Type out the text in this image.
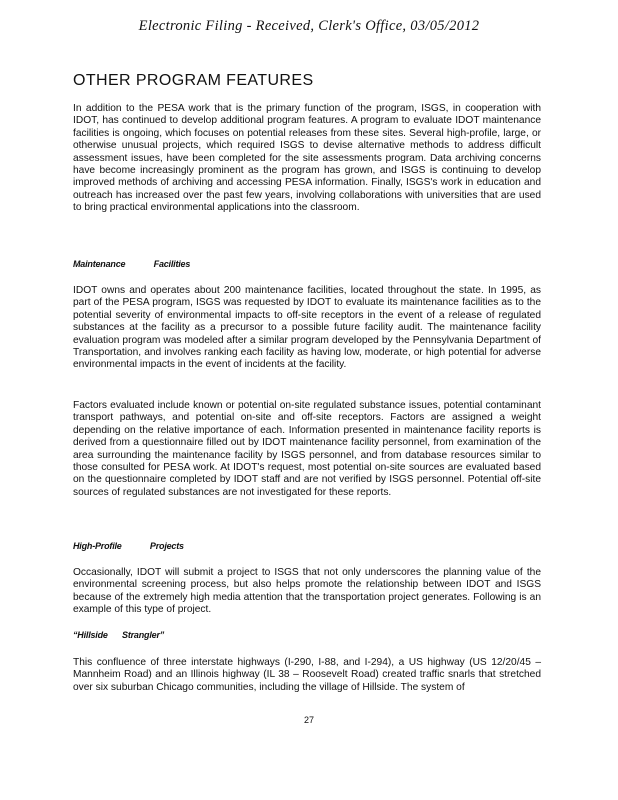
Electronic Filing - Received, Clerk's Office, 03/05/2012
OTHER PROGRAM FEATURES

In addition to the PESA work that is the primary function of the program, ISGS, in cooperation with IDOT, has continued to develop additional program features. A program to evaluate IDOT maintenance facilities is ongoing, which focuses on potential releases from these sites. Several high-profile, large, or otherwise unusual projects, which required ISGS to devise alternative methods to address difficult assessment issues, have been completed for the site assessments program. Data archiving concerns have become increasingly prominent as the program has grown, and ISGS is continuing to develop improved methods of archiving and accessing PESA information. Finally, ISGS's work in education and outreach has increased over the past few years, involving collaborations with universities that are used to bring practical environmental applications into the classroom.

Maintenance	Facilities

IDOT owns and operates about 200 maintenance facilities, located throughout the state. In 1995, as part of the PESA program, ISGS was requested by IDOT to evaluate its maintenance facilities as to the potential severity of environmental impacts to off-site receptors in the event of a release of regulated substances at the facility as a precursor to a possible future facility audit. The maintenance facility evaluation program was modeled after a similar program developed by the Pennsylvania Department of Transportation, and involves ranking each facility as having low, moderate, or high potential for adverse environmental impacts in the event of incidents at the facility.

Factors evaluated include known or potential on-site regulated substance issues, potential contaminant transport pathways, and potential on-site and off-site receptors. Factors are assigned a weight depending on the relative importance of each. Information presented in maintenance facility reports is derived from a questionnaire filled out by IDOT maintenance facility personnel, from examination of the area surrounding the maintenance facility by ISGS personnel, and from database resources similar to those consulted for PESA work. At IDOT's request, most potential on-site sources are evaluated based on the questionnaire completed by IDOT staff and are not verified by ISGS personnel. Potential off-site sources of regulated substances are not investigated for these reports.

High-Profile	Projects

Occasionally, IDOT will submit a project to ISGS that not only underscores the planning value of the environmental screening process, but also helps promote the relationship between IDOT and ISGS because of the extremely high media attention that the transportation project generates. Following is an example of this type of project.

“Hillside Strangler”

This confluence of three interstate highways (I-290, I-88, and I-294), a US highway (US 12/20/45 – Mannheim Road) and an Illinois highway (IL 38 – Roosevelt Road) created traffic snarls that stretched over six suburban Chicago communities, including the village of Hillside. The system of

27
